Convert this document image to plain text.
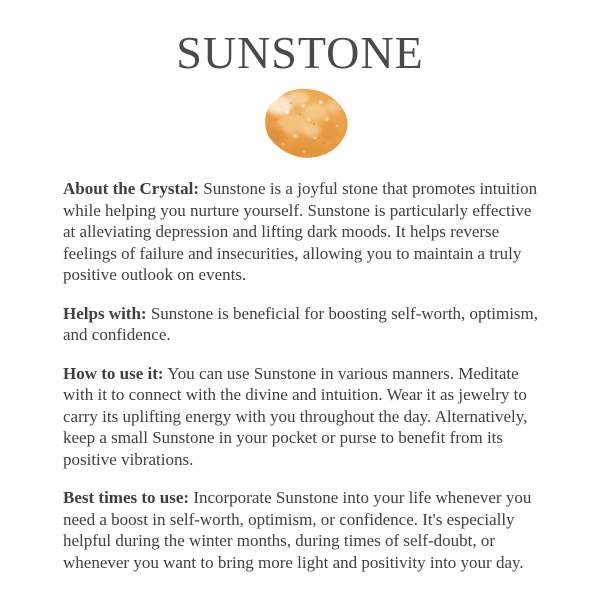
SUNSTONE

About the Crystal: Sunstone is a joyful stone that promotes intuition while helping you nurture yourself. Sunstone is particularly effective at alleviating depression and lifting dark moods. It helps reverse feelings of failure and insecurities, allowing you to maintain a truly positive outlook on events.

Helps with: Sunstone is beneficial for boosting self-worth, optimism, and confidence.

How to use it: You can use Sunstone in various manners. Meditate with it to connect with the divine and intuition. Wear it as jewelry to carry its uplifting energy with you throughout the day. Alternatively, keep a small Sunstone in your pocket or purse to benefit from its positive vibrations.

Best times to use: Incorporate Sunstone into your life whenever you need a boost in self-worth, optimism, or confidence. It's especially helpful during the winter months, during times of self-doubt, or whenever you want to bring more light and positivity into your day.
